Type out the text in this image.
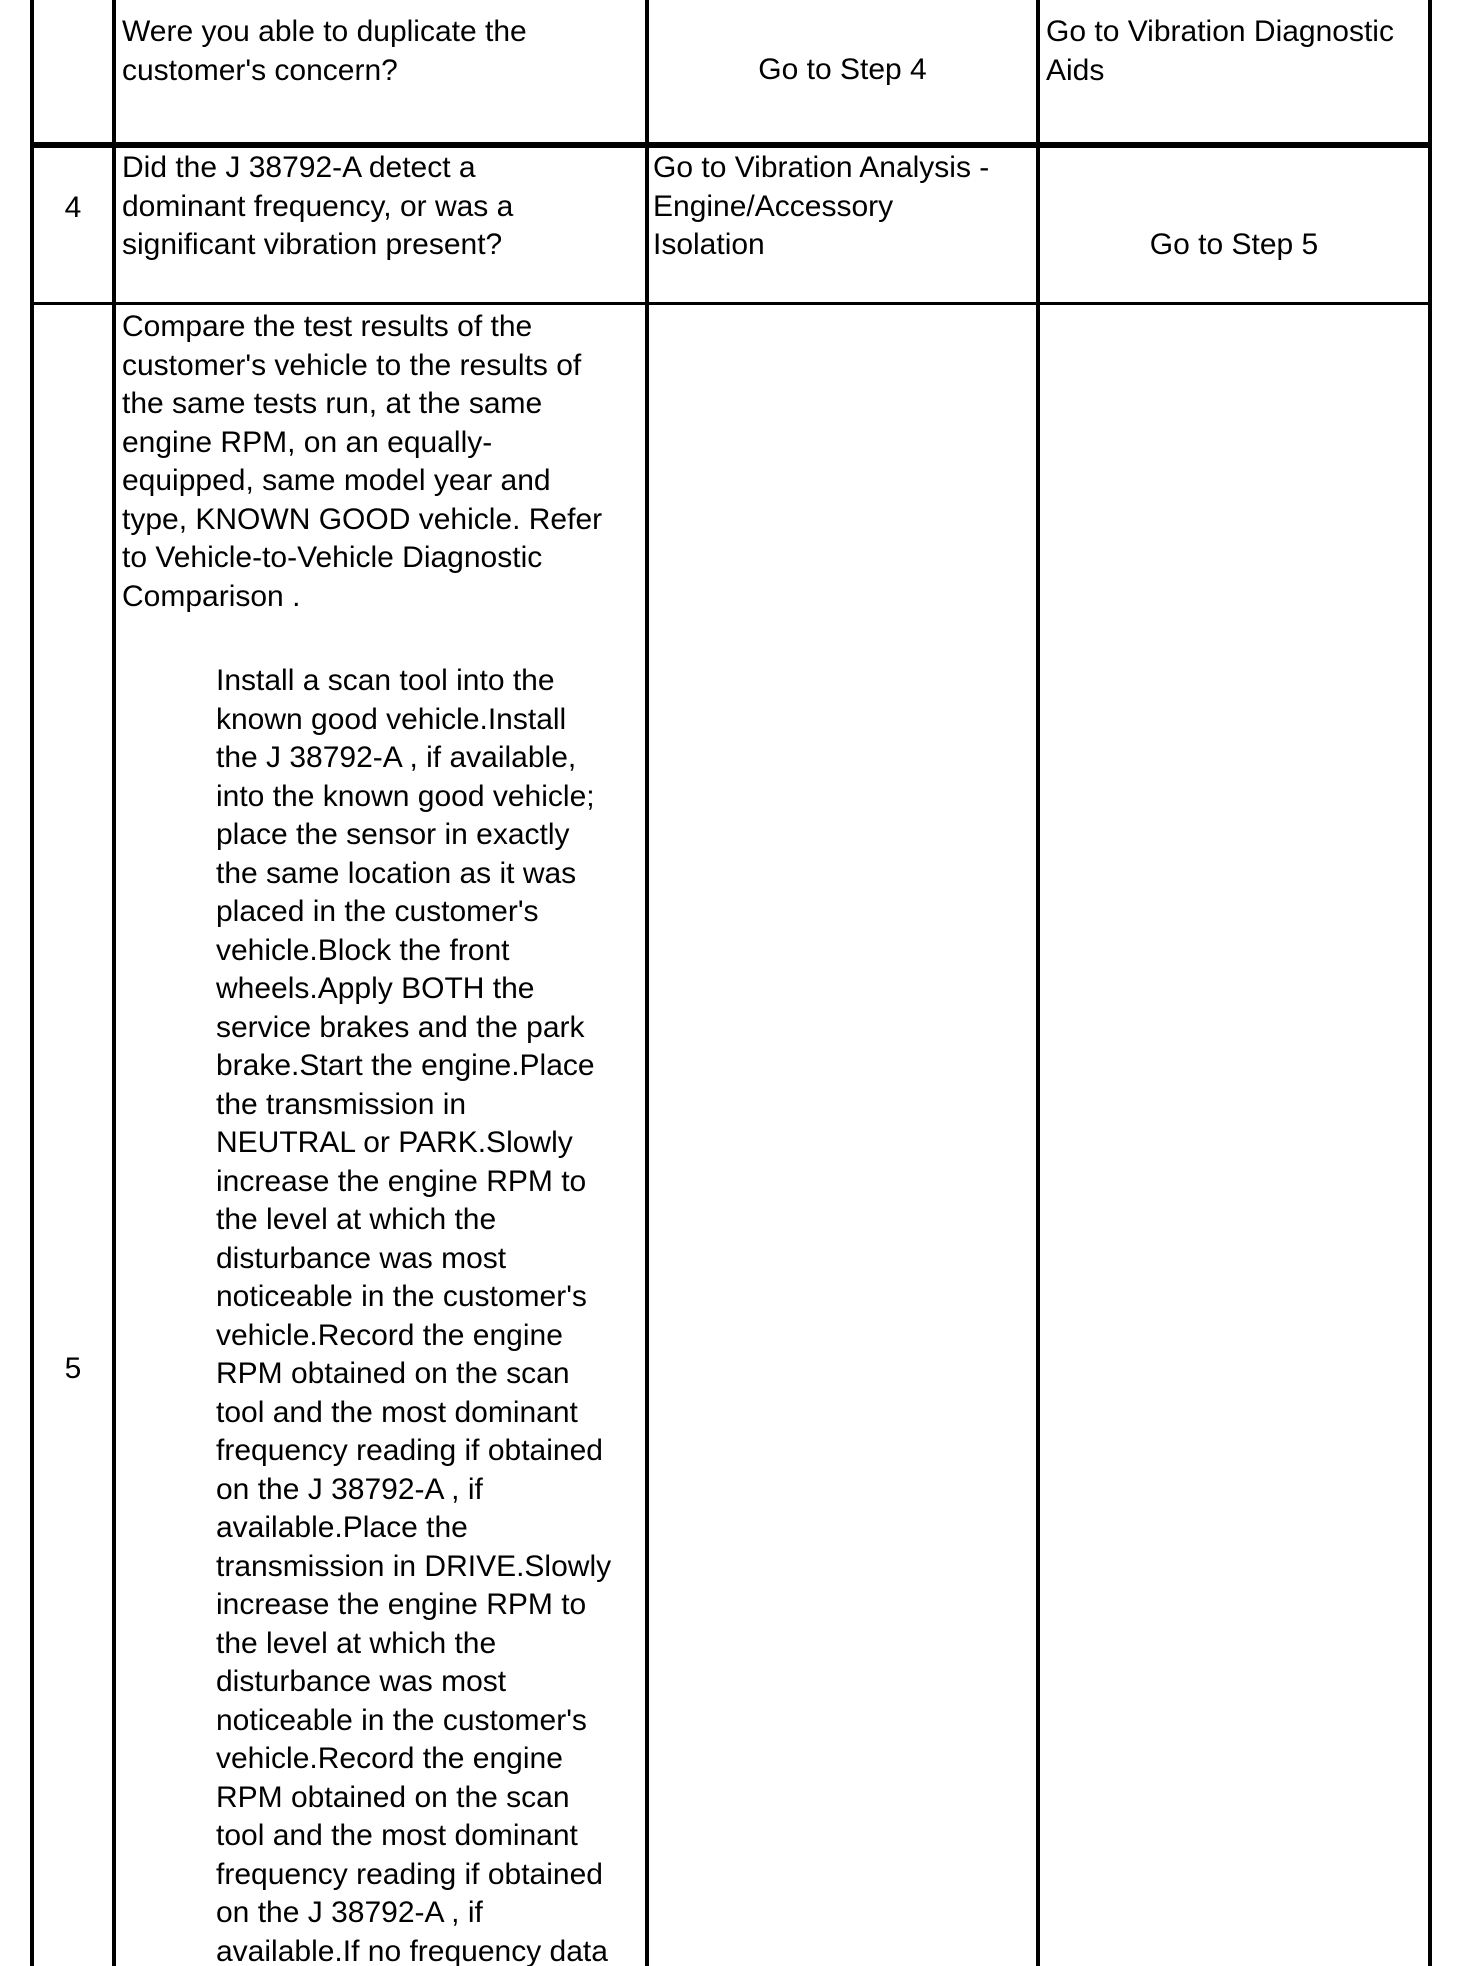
Were you able to duplicate the
customer's concern?	Go to Step 4

Go to Vibration Diagnostic
Aids

4

Did the J 38792-A detect a
dominant frequency, or was a
significant vibration present?

Go to Vibration Analysis -
Engine/Accessory
Isolation	Go to Step 5

5

Compare the test results of the
customer's vehicle to the results of
the same tests run, at the same
engine RPM, on an equally-
equipped, same model year and
type, KNOWN GOOD vehicle. Refer
to Vehicle-to-Vehicle Diagnostic
Comparison .

Install a scan tool into the
known good vehicle.Install
the J 38792-A , if available,
into the known good vehicle;
place the sensor in exactly
the same location as it was
placed in the customer's
vehicle.Block the front
wheels.Apply BOTH the
service brakes and the park
brake.Start the engine.Place
the transmission in
NEUTRAL or PARK.Slowly
increase the engine RPM to
the level at which the
disturbance was most
noticeable in the customer's
vehicle.Record the engine
RPM obtained on the scan
tool and the most dominant
frequency reading if obtained
on the J 38792-A , if
available.Place the
transmission in DRIVE.Slowly
increase the engine RPM to
the level at which the
disturbance was most
noticeable in the customer's
vehicle.Record the engine
RPM obtained on the scan
tool and the most dominant
frequency reading if obtained
on the J 38792-A , if
available.If no frequency data
